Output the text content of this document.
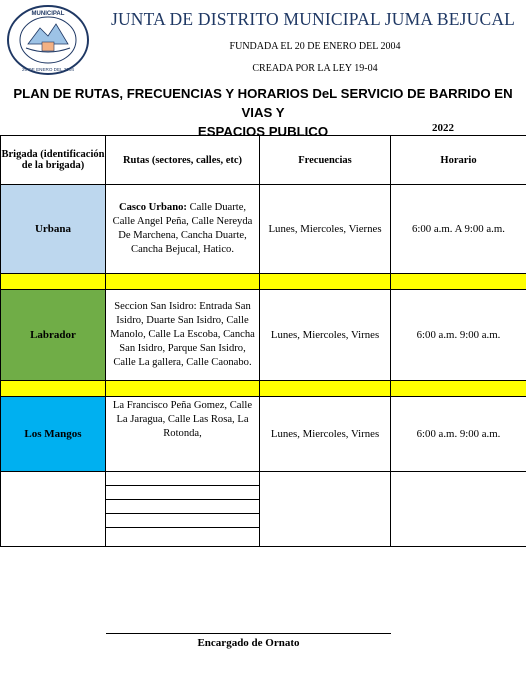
MUNICIPAL
20 DE ENERO DEL 2004
JUNTA DE DISTRITO MUNICIPAL JUMA BEJUCAL
FUNDADA EL 20 DE ENERO DEL 2004
CREADA POR LA LEY 19-04
PLAN DE RUTAS, FRECUENCIAS Y HORARIOS DeL SERVICIO DE BARRIDO EN VIAS Y
ESPACIOS PUBLICO	2022
Brigada (identificación de la brigada)	Rutas (sectores, calles, etc)	Frecuencias	Horario
Urbana	Casco Urbano: Calle Duarte, Calle Angel Peña, Calle Nereyda De Marchena, Cancha Duarte, Cancha Bejucal, Hatico.	Lunes, Miercoles, Viernes	6:00 a.m. A 9:00 a.m.

Labrador	Seccion San Isidro: Entrada San Isidro, Duarte San Isidro, Calle Manolo, Calle La Escoba, Cancha San Isidro, Parque San Isidro, Calle La gallera, Calle Caonabo.	Lunes, Miercoles, Virnes	6:00 a.m. 9:00 a.m.

Los Mangos	La Francisco Peña Gomez, Calle La Jaragua, Calle Las Rosa, La Rotonda,	Lunes, Miercoles, Virnes	6:00 a.m. 9:00 a.m.

Encargado de Ornato
